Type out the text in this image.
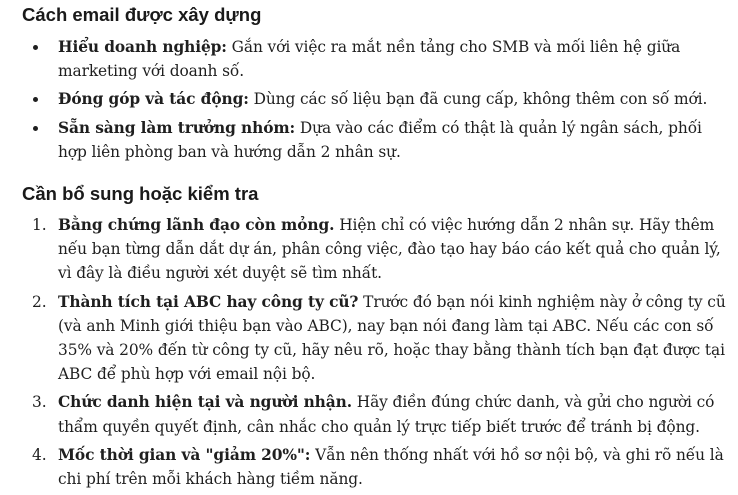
Cách email được xây dựng
Hiểu doanh nghiệp: Gắn với việc ra mắt nền tảng cho SMB và mối liên hệ giữa marketing với doanh số.
Đóng góp và tác động: Dùng các số liệu bạn đã cung cấp, không thêm con số mới.
Sẵn sàng làm trưởng nhóm: Dựa vào các điểm có thật là quản lý ngân sách, phối hợp liên phòng ban và hướng dẫn 2 nhân sự.
Cần bổ sung hoặc kiểm tra
1. Bằng chứng lãnh đạo còn mỏng. Hiện chỉ có việc hướng dẫn 2 nhân sự. Hãy thêm nếu bạn từng dẫn dắt dự án, phân công việc, đào tạo hay báo cáo kết quả cho quản lý, vì đây là điều người xét duyệt sẽ tìm nhất.
2. Thành tích tại ABC hay công ty cũ? Trước đó bạn nói kinh nghiệm này ở công ty cũ (và anh Minh giới thiệu bạn vào ABC), nay bạn nói đang làm tại ABC. Nếu các con số 35% và 20% đến từ công ty cũ, hãy nêu rõ, hoặc thay bằng thành tích bạn đạt được tại ABC để phù hợp với email nội bộ.
3. Chức danh hiện tại và người nhận. Hãy điền đúng chức danh, và gửi cho người có thẩm quyền quyết định, cân nhắc cho quản lý trực tiếp biết trước để tránh bị động.
4. Mốc thời gian và "giảm 20%": Vẫn nên thống nhất với hồ sơ nội bộ, và ghi rõ nếu là chi phí trên mỗi khách hàng tiềm năng.
